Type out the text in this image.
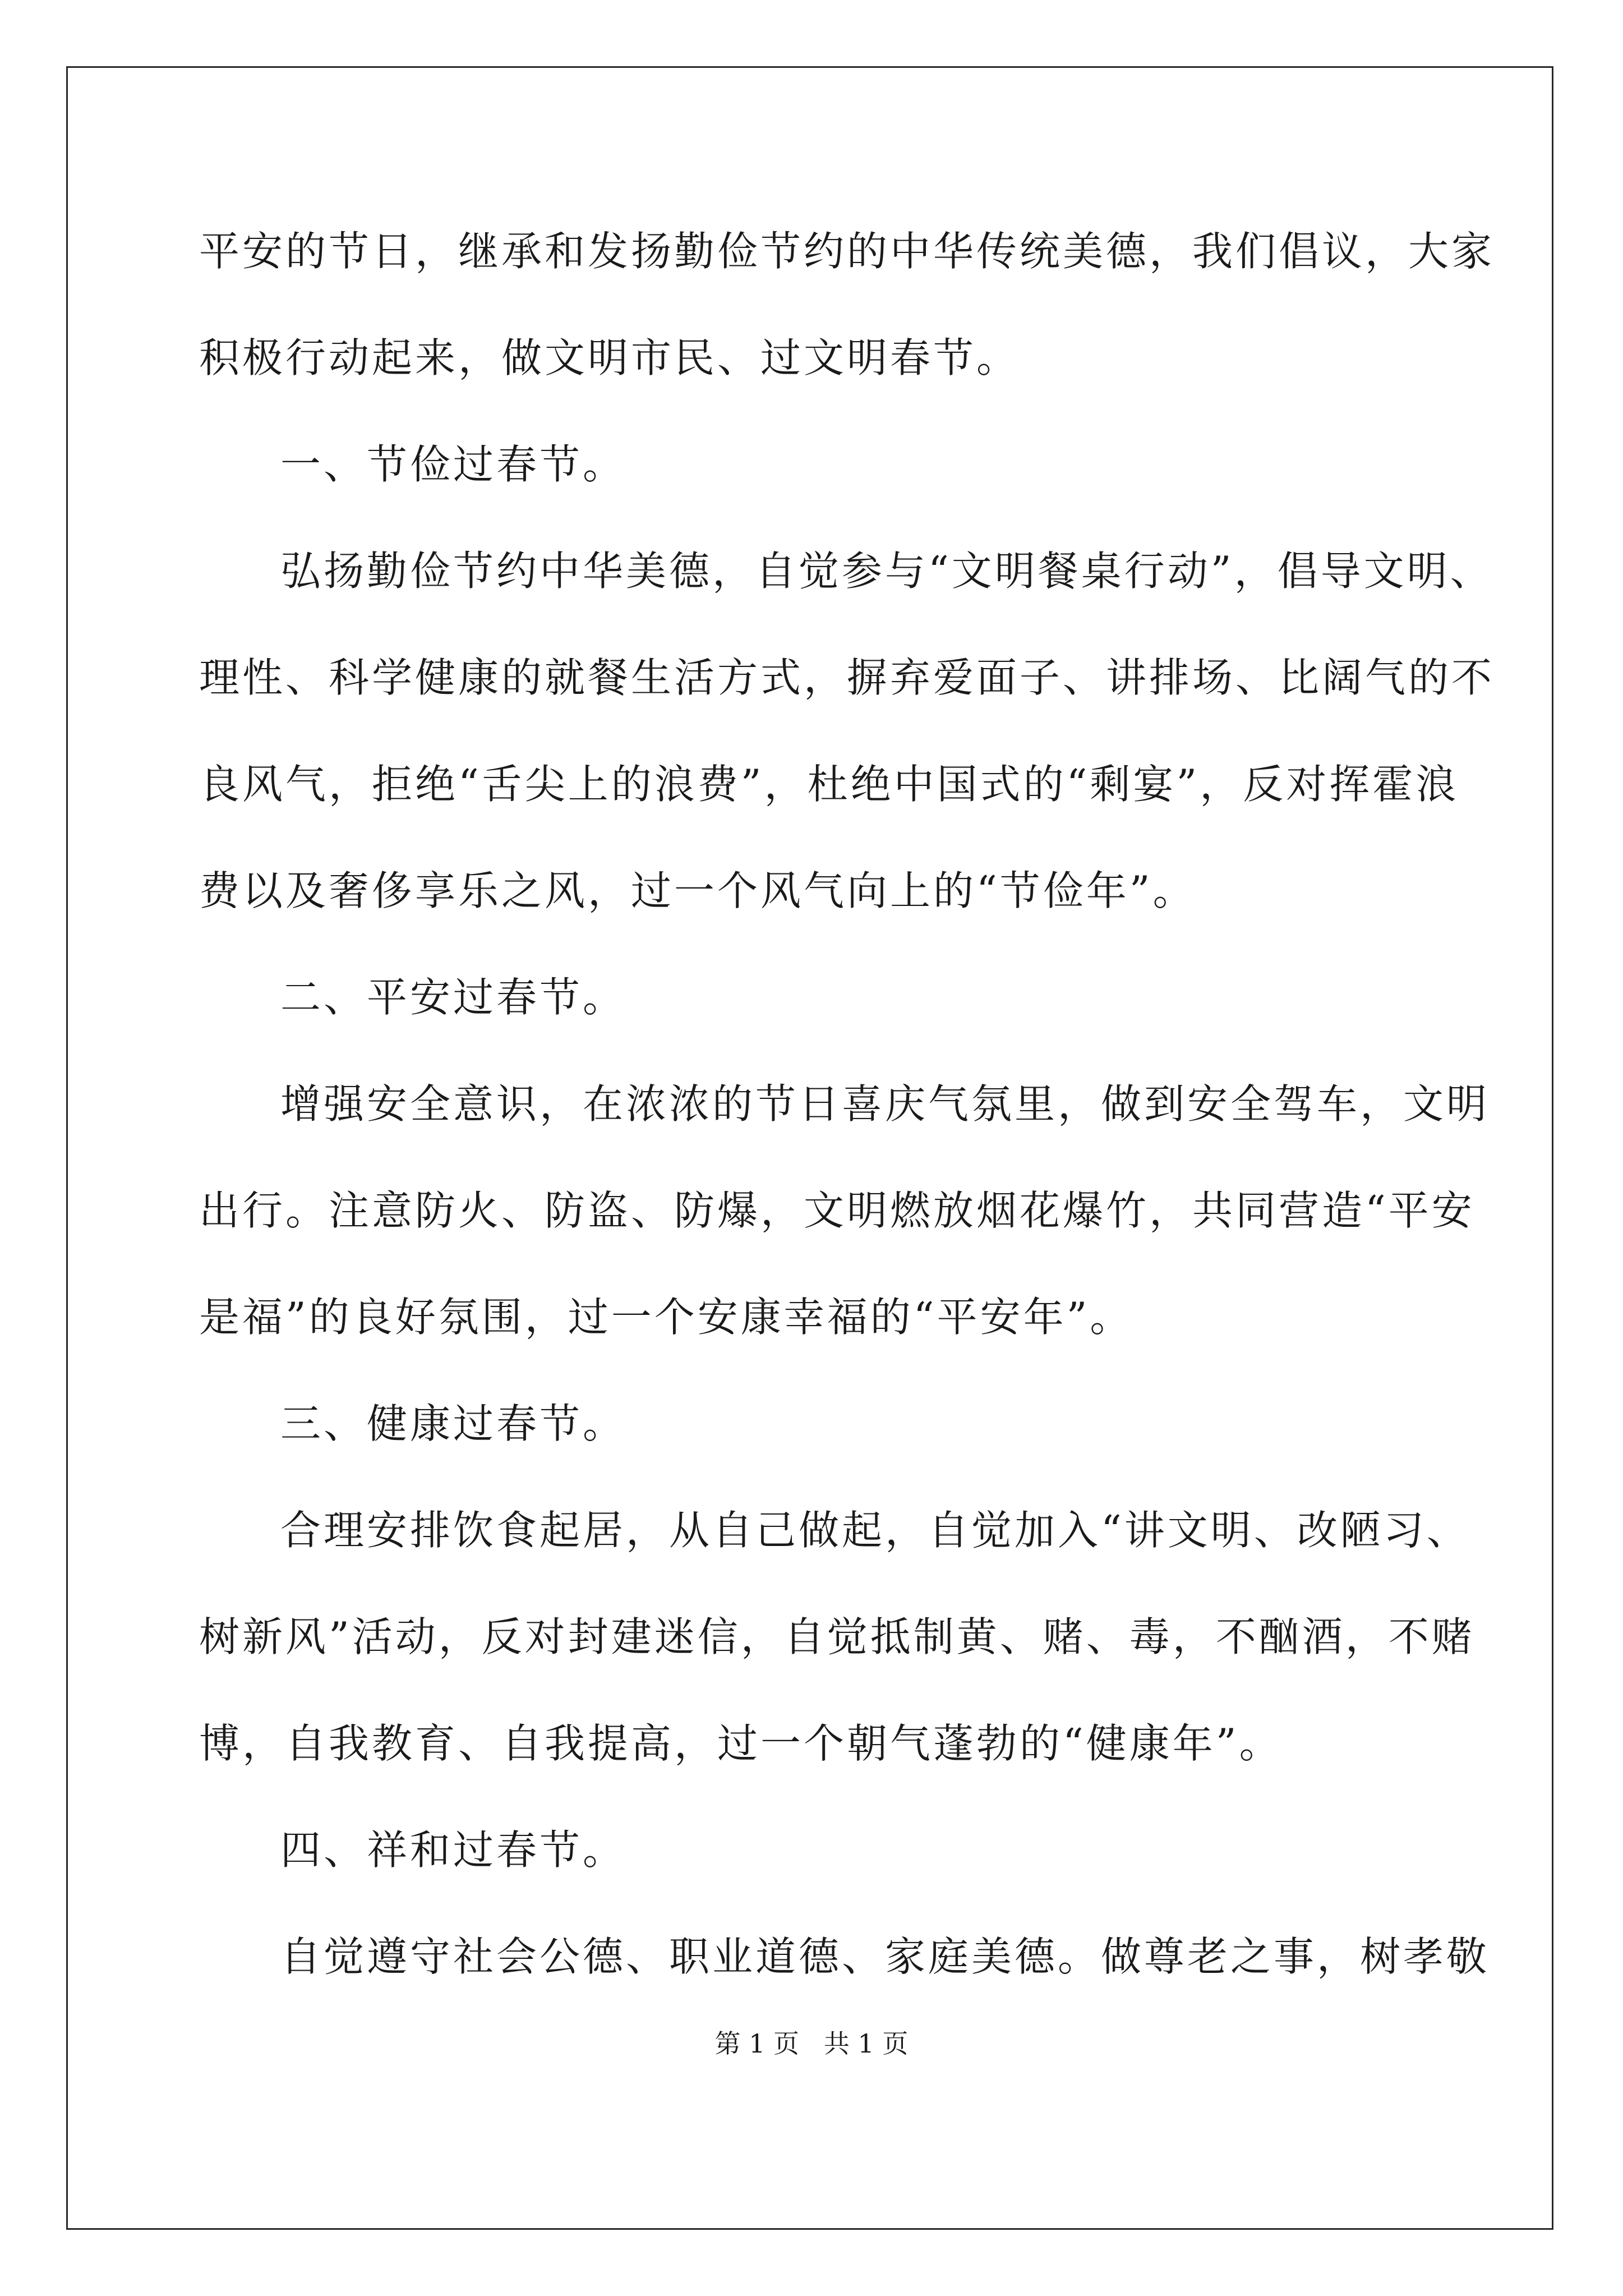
平安的节日，继承和发扬勤俭节约的中华传统美德，我们倡议，大家
积极行动起来，做文明市民、过文明春节。
一、节俭过春节。
弘扬勤俭节约中华美德，自觉参与“文明餐桌行动”，倡导文明、
理性、科学健康的就餐生活方式，摒弃爱面子、讲排场、比阔气的不
良风气，拒绝“舌尖上的浪费”，杜绝中国式的“剩宴”，反对挥霍浪
费以及奢侈享乐之风，过一个风气向上的“节俭年”。
二、平安过春节。
增强安全意识，在浓浓的节日喜庆气氛里，做到安全驾车，文明
出行。注意防火、防盗、防爆，文明燃放烟花爆竹，共同营造“平安
是福”的良好氛围，过一个安康幸福的“平安年”。
三、健康过春节。
合理安排饮食起居，从自己做起，自觉加入“讲文明、改陋习、
树新风”活动，反对封建迷信，自觉抵制黄、赌、毒，不酗酒，不赌
博，自我教育、自我提高，过一个朝气蓬勃的“健康年”。
四、祥和过春节。
自觉遵守社会公德、职业道德、家庭美德。做尊老之事，树孝敬
第 1 页   共 1 页
